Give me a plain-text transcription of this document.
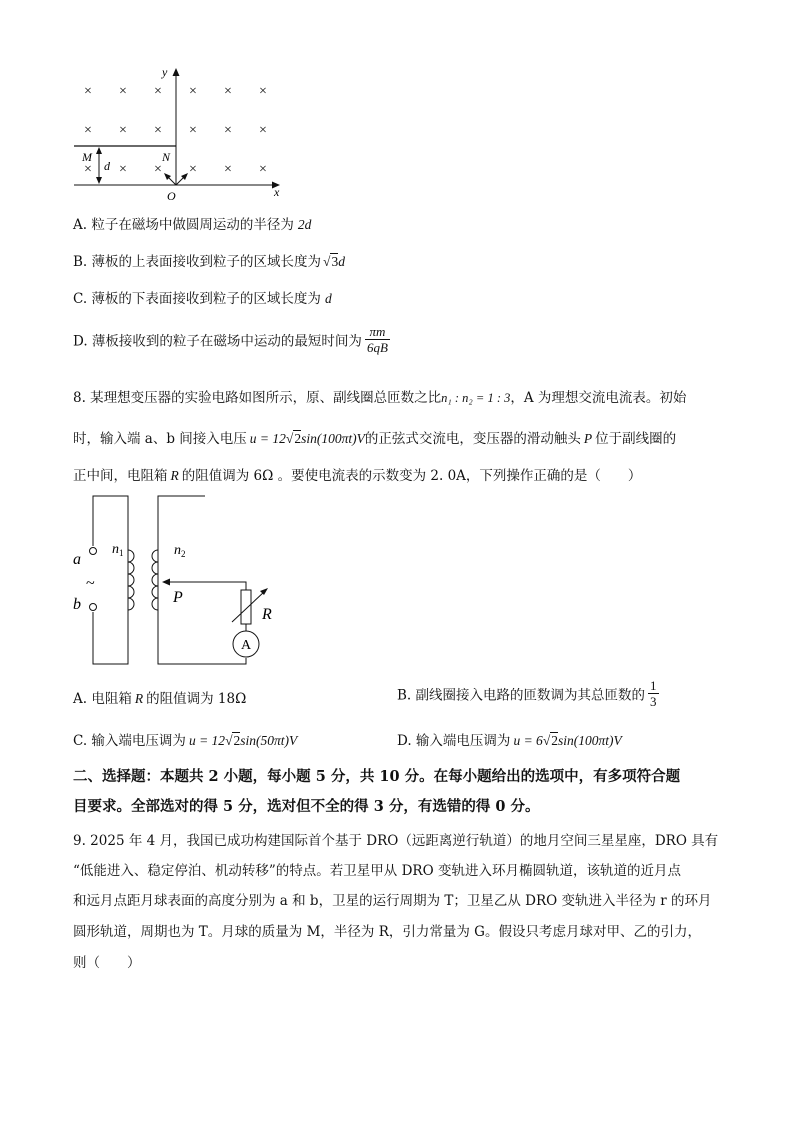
× × × × × ×
× × × × × ×
× × × × × ×
x
y
M	N
d
O
A. 粒子在磁场中做圆周运动的半径为 2d
B. 薄板的上表面接收到粒子的区域长度为 √3d
C. 薄板的下表面接收到粒子的区域长度为 d
D. 薄板接收到的粒子在磁场中运动的最短时间为 $\frac{\pi m}{6qB}$
8. 某理想变压器的实验电路如图所示，原、副线圈总匝数之比n₁ : n₂ = 1 : 3，A 为理想交流电流表。初始
时，输入端 a、b 间接入电压 u = 12√2sin(100πt)V的正弦式交流电，变压器的滑动触头 P 位于副线圈的
正中间，电阻箱 R 的阻值调为 6Ω 。要使电流表的示数变为 2. 0A，下列操作正确的是（　　）
a
~
b
$n_1$	$n_2$
P
R
A
A. 电阻箱 R 的阻值调为 18Ω	B. 副线圈接入电路的匝数调为其总匝数的 $\frac{1}{3}$
C. 输入端电压调为 u = 12√2sin(50πt)V	D. 输入端电压调为 u = 6√2sin(100πt)V
二、选择题：本题共 2 小题，每小题 5 分，共 10 分。在每小题给出的选项中，有多项符合题
目要求。全部选对的得 5 分，选对但不全的得 3 分，有选错的得 0 分。
9. 2025 年 4 月，我国已成功构建国际首个基于 DRO（远距离逆行轨道）的地月空间三星星座，DRO 具有
“低能进入、稳定停泊、机动转移”的特点。若卫星甲从 DRO 变轨进入环月椭圆轨道，该轨道的近月点
和远月点距月球表面的高度分别为 a 和 b，卫星的运行周期为 T；卫星乙从 DRO 变轨进入半径为 r 的环月
圆形轨道，周期也为 T。月球的质量为 M，半径为 R，引力常量为 G。假设只考虑月球对甲、乙的引力，
则（　　）
